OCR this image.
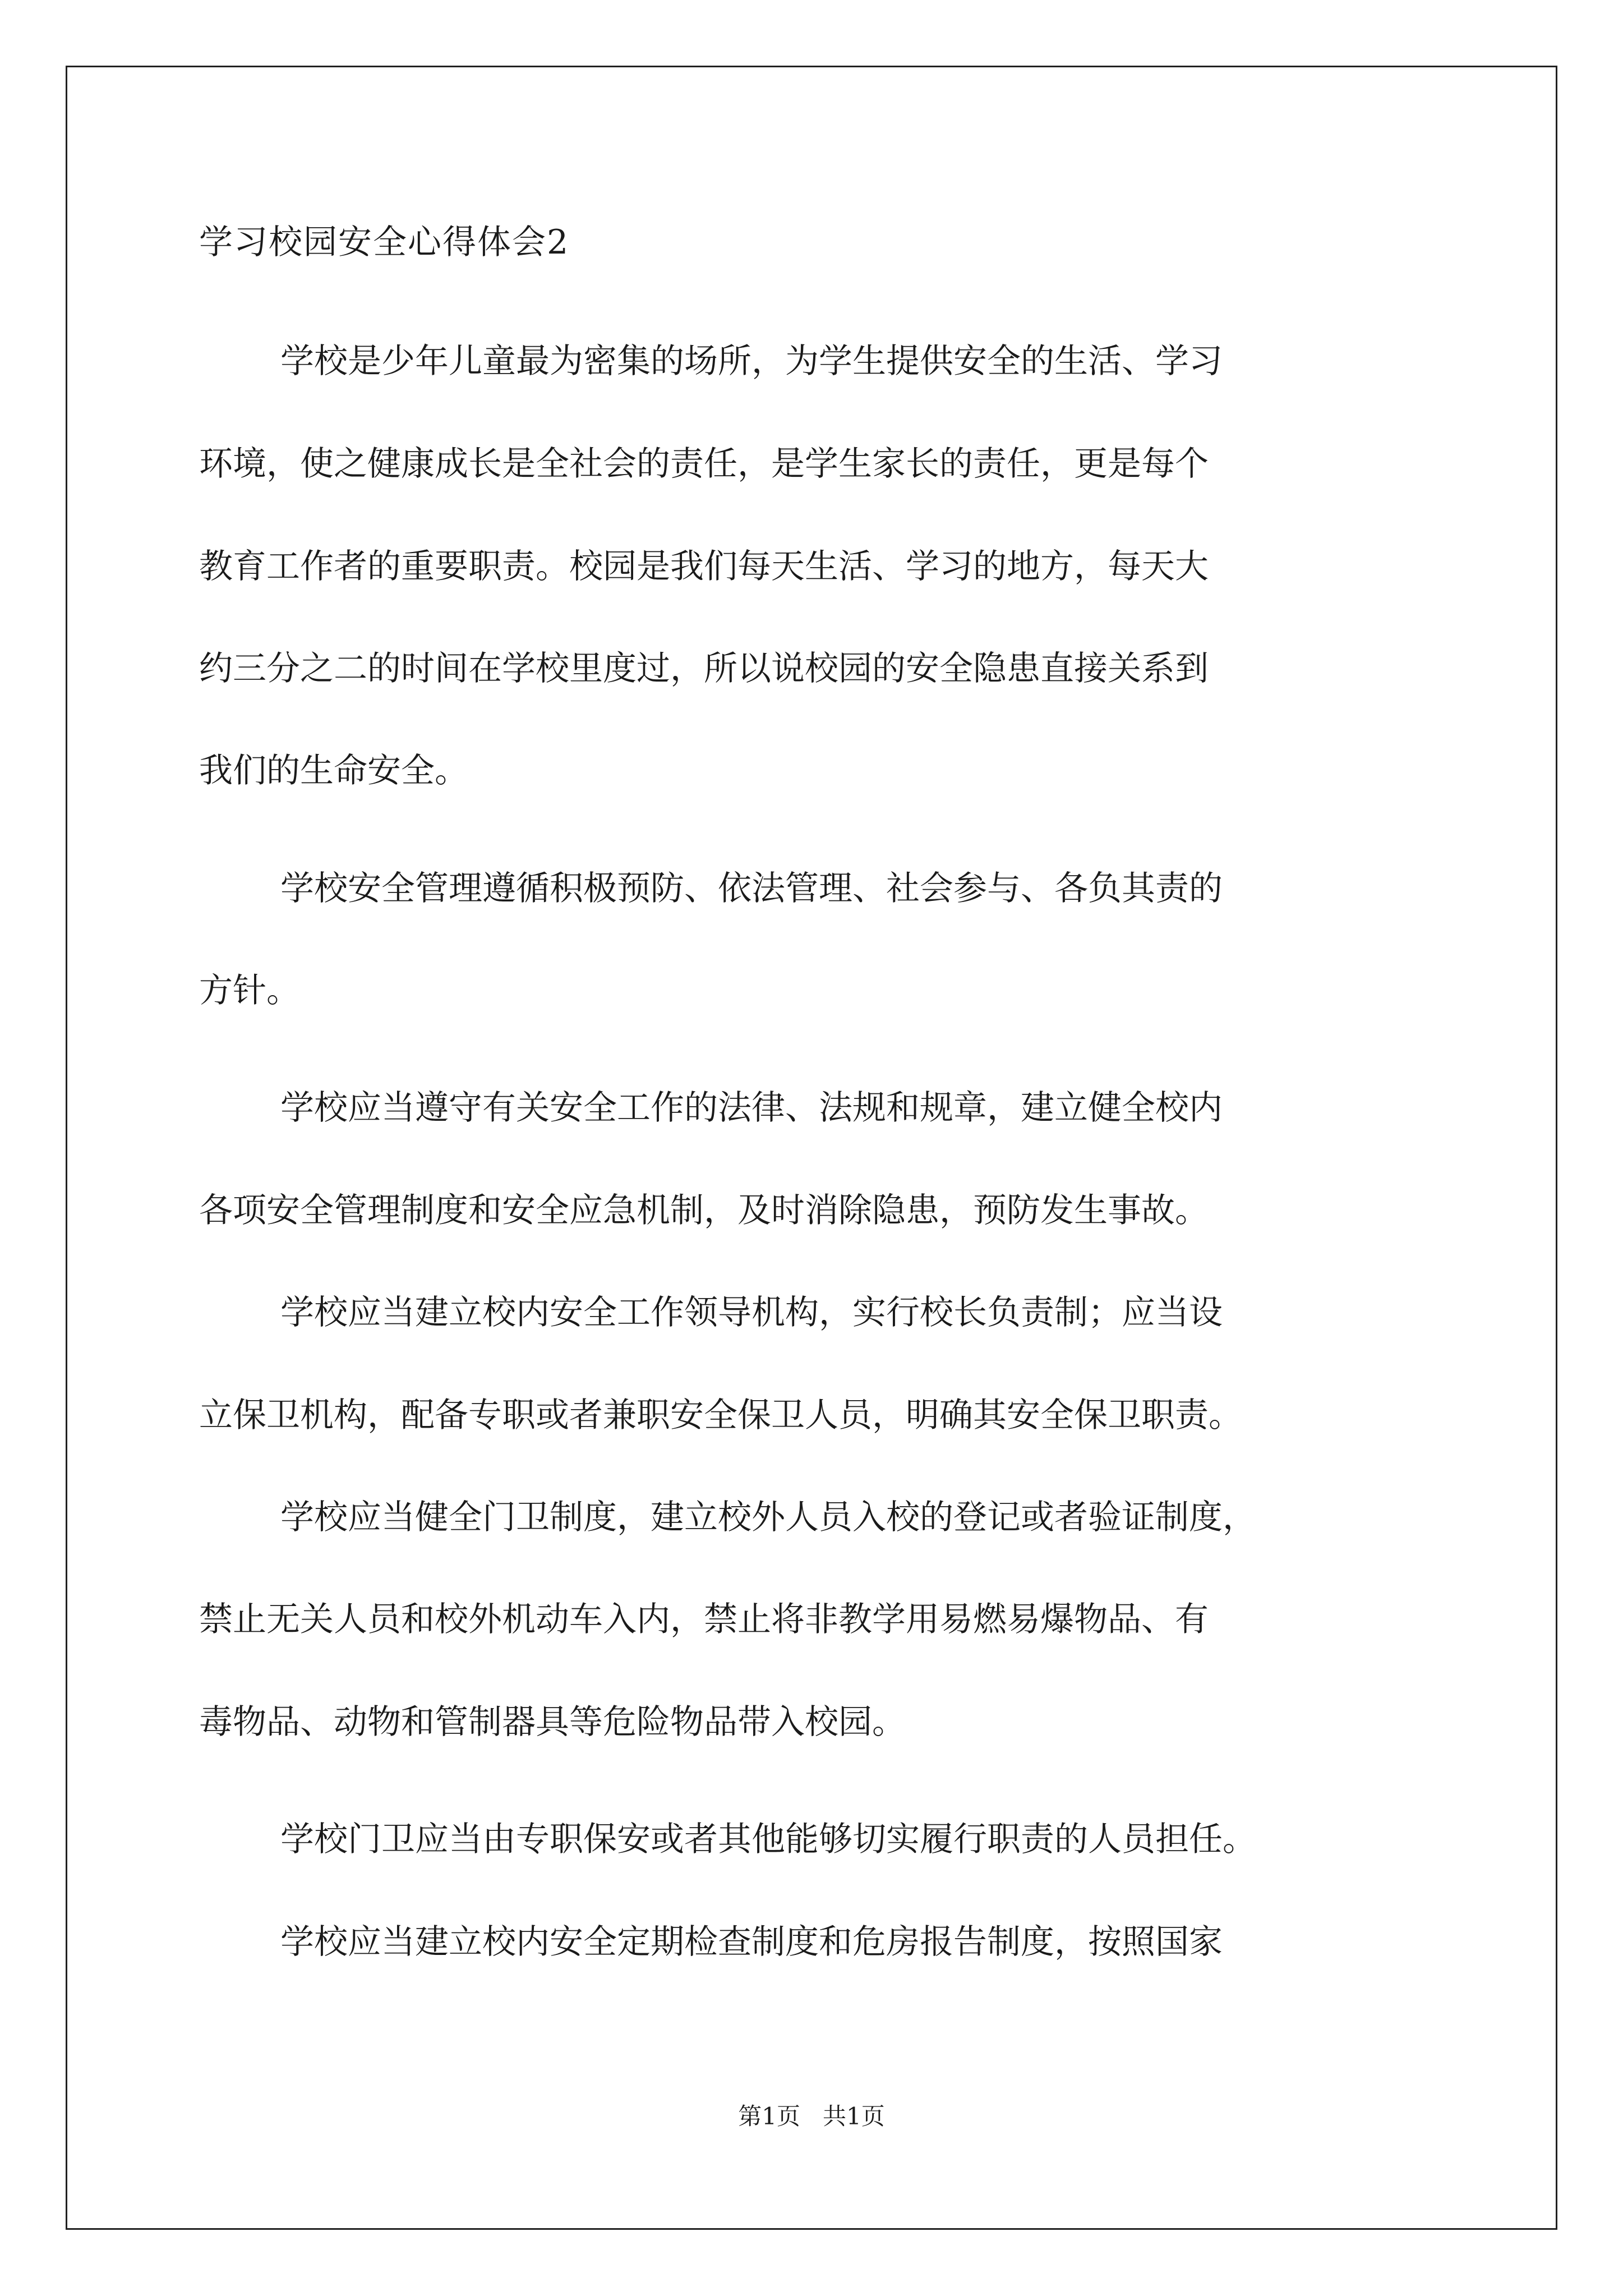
学习校园安全心得体会2
学校是少年儿童最为密集的场所，为学生提供安全的生活、学习
环境，使之健康成长是全社会的责任，是学生家长的责任，更是每个
教育工作者的重要职责。校园是我们每天生活、学习的地方，每天大
约三分之二的时间在学校里度过，所以说校园的安全隐患直接关系到
我们的生命安全。
学校安全管理遵循积极预防、依法管理、社会参与、各负其责的
方针。
学校应当遵守有关安全工作的法律、法规和规章，建立健全校内
各项安全管理制度和安全应急机制，及时消除隐患，预防发生事故。
学校应当建立校内安全工作领导机构，实行校长负责制；应当设
立保卫机构，配备专职或者兼职安全保卫人员，明确其安全保卫职责。
学校应当健全门卫制度，建立校外人员入校的登记或者验证制度，
禁止无关人员和校外机动车入内，禁止将非教学用易燃易爆物品、有
毒物品、动物和管制器具等危险物品带入校园。
学校门卫应当由专职保安或者其他能够切实履行职责的人员担任。
学校应当建立校内安全定期检查制度和危房报告制度，按照国家
第1页   共1页
